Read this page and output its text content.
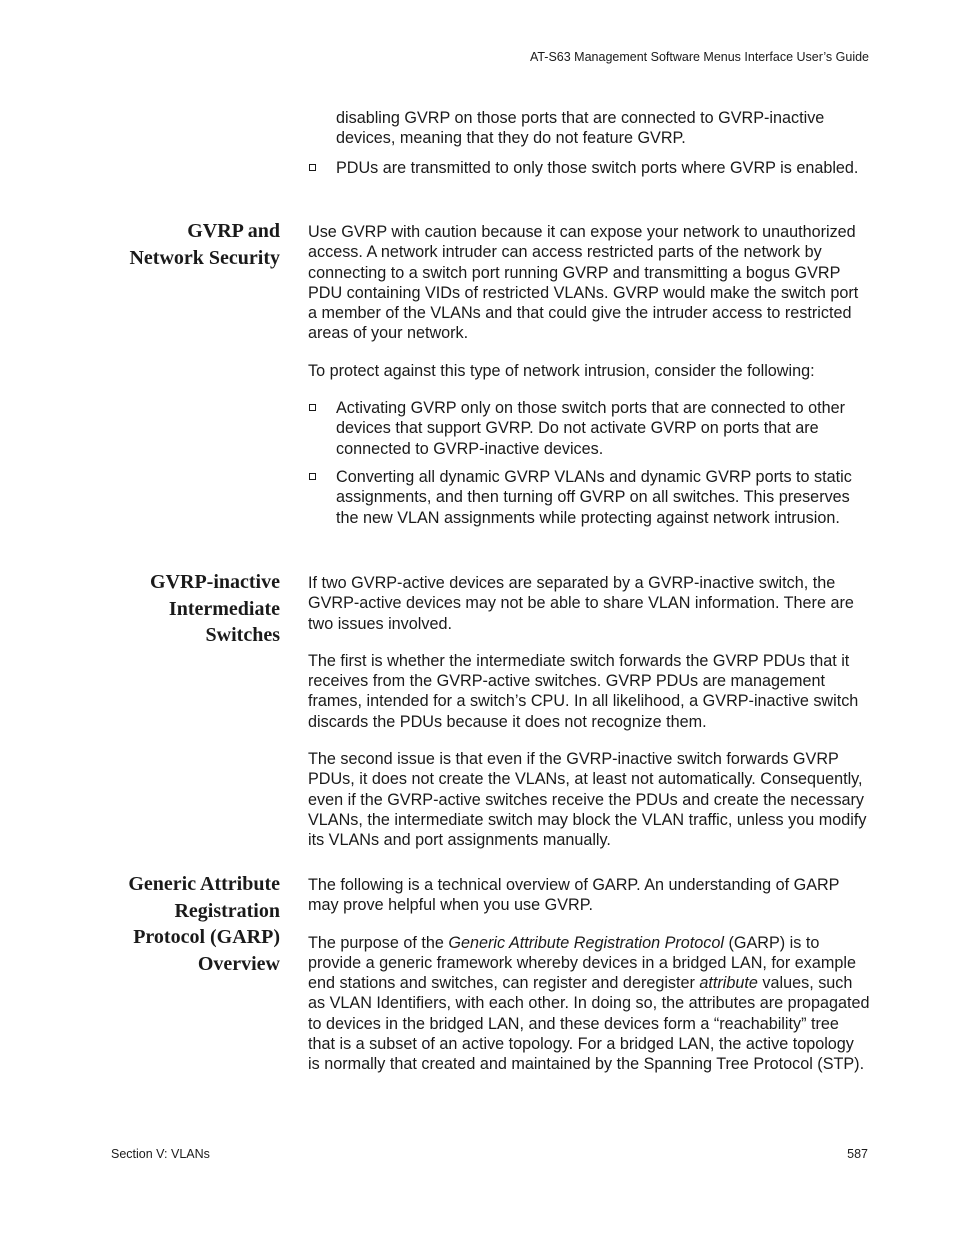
AT-S63 Management Software Menus Interface User’s Guide

disabling GVRP on those ports that are connected to GVRP-inactive devices, meaning that they do not feature GVRP.

PDUs are transmitted to only those switch ports where GVRP is enabled.
GVRP and
Network Security

Use GVRP with caution because it can expose your network to unauthorized access. A network intruder can access restricted parts of the network by connecting to a switch port running GVRP and transmitting a bogus GVRP PDU containing VIDs of restricted VLANs. GVRP would make the switch port a member of the VLANs and that could give the intruder access to restricted areas of your network.

To protect against this type of network intrusion, consider the following:

Activating GVRP only on those switch ports that are connected to other devices that support GVRP. Do not activate GVRP on ports that are connected to GVRP-inactive devices.
Converting all dynamic GVRP VLANs and dynamic GVRP ports to static assignments, and then turning off GVRP on all switches. This preserves the new VLAN assignments while protecting against network intrusion.
GVRP-inactive
Intermediate
Switches

If two GVRP-active devices are separated by a GVRP-inactive switch, the GVRP-active devices may not be able to share VLAN information. There are two issues involved.

The first is whether the intermediate switch forwards the GVRP PDUs that it receives from the GVRP-active switches. GVRP PDUs are management frames, intended for a switch’s CPU. In all likelihood, a GVRP-inactive switch discards the PDUs because it does not recognize them.

The second issue is that even if the GVRP-inactive switch forwards GVRP PDUs, it does not create the VLANs, at least not automatically. Consequently, even if the GVRP-active switches receive the PDUs and create the necessary VLANs, the intermediate switch may block the VLAN traffic, unless you modify its VLANs and port assignments manually.

Generic Attribute
Registration
Protocol (GARP)
Overview

The following is a technical overview of GARP. An understanding of GARP may prove helpful when you use GVRP.

The purpose of the Generic Attribute Registration Protocol (GARP) is to provide a generic framework whereby devices in a bridged LAN, for example end stations and switches, can register and deregister attribute values, such as VLAN Identifiers, with each other. In doing so, the attributes are propagated to devices in the bridged LAN, and these devices form a “reachability” tree that is a subset of an active topology. For a bridged LAN, the active topology is normally that created and maintained by the Spanning Tree Protocol (STP).

Section V: VLANs	587
